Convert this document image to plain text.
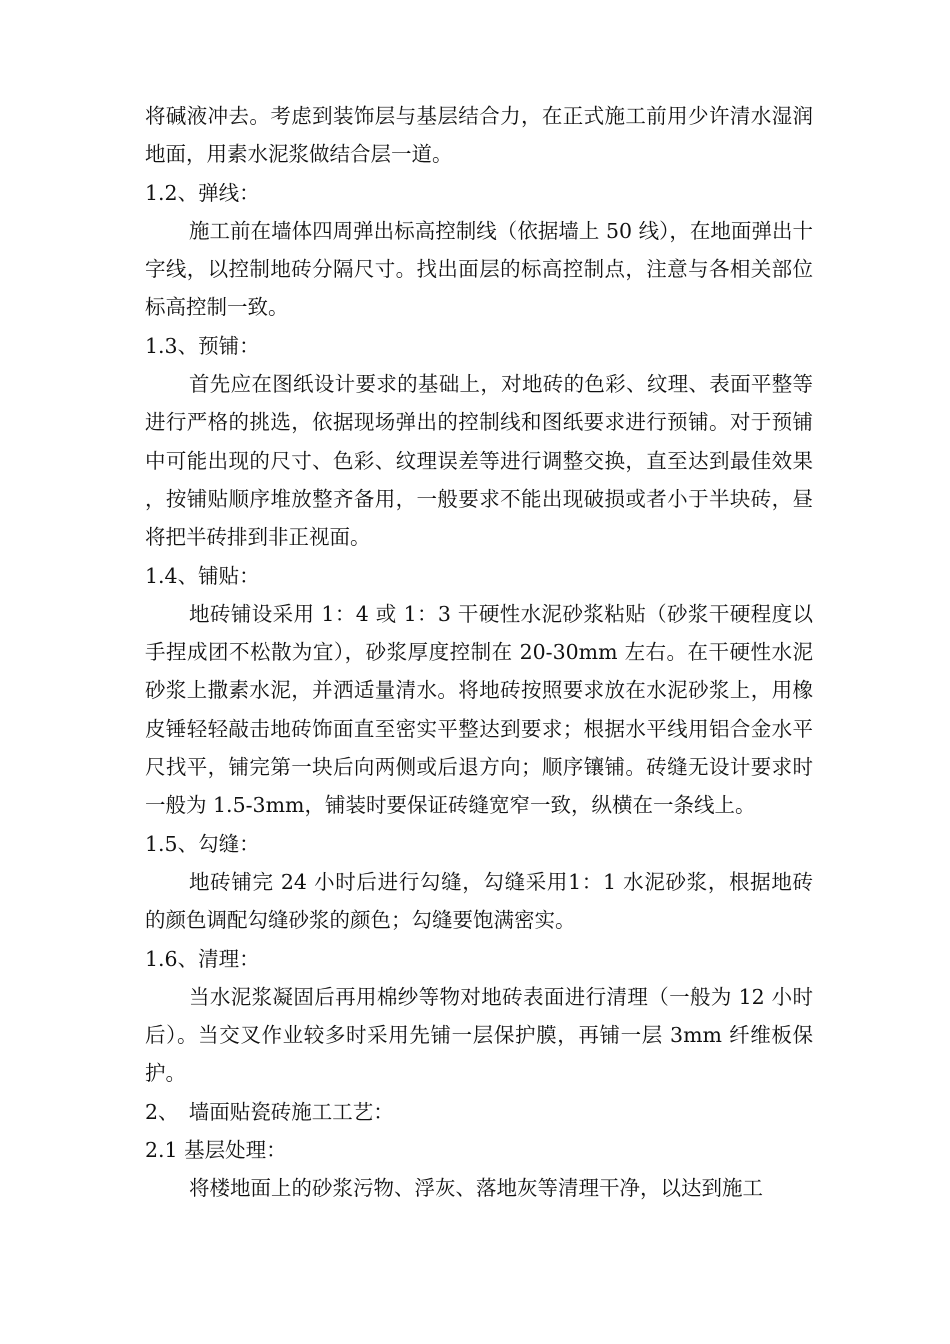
将碱液冲去。考虑到装饰层与基层结合力，在正式施工前用少许清水湿润地面，用素水泥浆做结合层一道。

1.2、弹线：

施工前在墙体四周弹出标高控制线（依据墙上 50 线），在地面弹出十字线，以控制地砖分隔尺寸。找出面层的标高控制点，注意与各相关部位标高控制一致。

1.3、预铺：

首先应在图纸设计要求的基础上，对地砖的色彩、纹理、表面平整等进行严格的挑选，依据现场弹出的控制线和图纸要求进行预铺。对于预铺中可能出现的尺寸、色彩、纹理误差等进行调整交换，直至达到最佳效果，按铺贴顺序堆放整齐备用，一般要求不能出现破损或者小于半块砖，昼将把半砖排到非正视面。

1.4、铺贴：

地砖铺设采用 1：4 或 1：3 干硬性水泥砂浆粘贴（砂浆干硬程度以手捏成团不松散为宜），砂浆厚度控制在 20-30mm 左右。在干硬性水泥砂浆上撒素水泥，并洒适量清水。将地砖按照要求放在水泥砂浆上，用橡皮锤轻轻敲击地砖饰面直至密实平整达到要求；根据水平线用铝合金水平尺找平，铺完第一块后向两侧或后退方向；顺序镶铺。砖缝无设计要求时一般为 1.5-3mm，铺装时要保证砖缝宽窄一致，纵横在一条线上。

1.5、勾缝：

地砖铺完 24 小时后进行勾缝，勾缝采用1：1 水泥砂浆，根据地砖的颜色调配勾缝砂浆的颜色；勾缝要饱满密实。

1.6、清理：

当水泥浆凝固后再用棉纱等物对地砖表面进行清理（一般为 12 小时后）。当交叉作业较多时采用先铺一层保护膜，再铺一层 3mm 纤维板保护。

2、　墙面贴瓷砖施工工艺：

2.1 基层处理：

将楼地面上的砂浆污物、浮灰、落地灰等清理干净，以达到施工
